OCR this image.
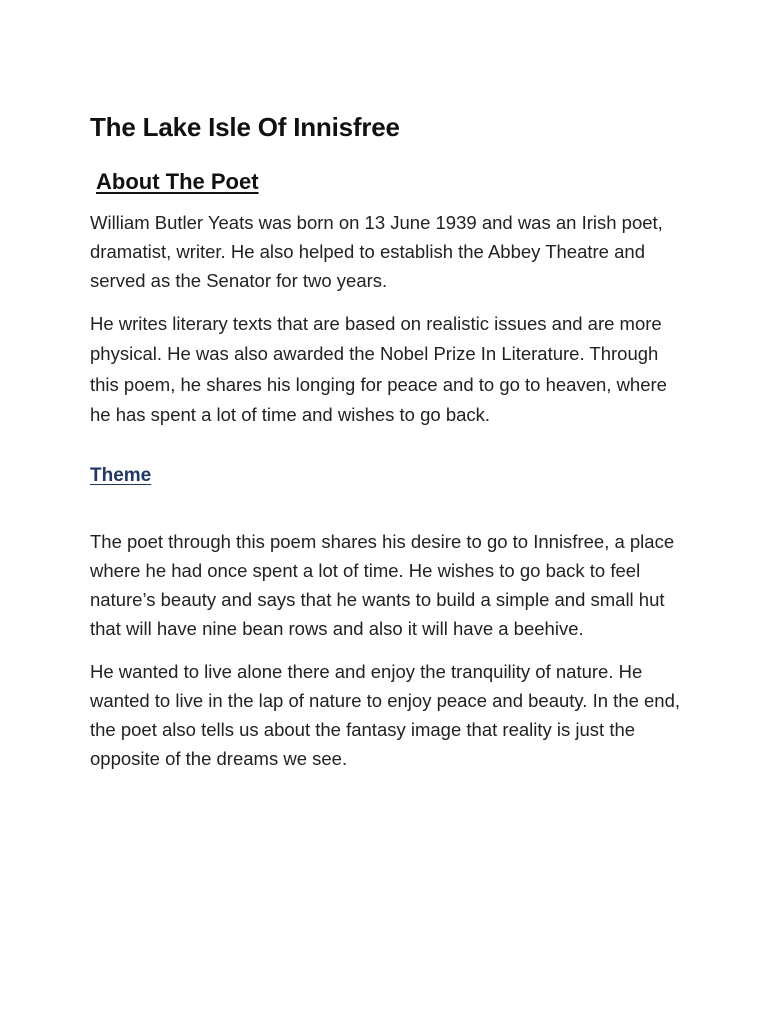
The Lake Isle Of Innisfree
About The Poet

William Butler Yeats was born on 13 June 1939 and was an Irish poet, dramatist, writer. He also helped to establish the Abbey Theatre and served as the Senator for two years.

He writes literary texts that are based on realistic issues and are more physical. He was also awarded the Nobel Prize In Literature. Through this poem, he shares his longing for peace and to go to heaven, where he has spent a lot of time and wishes to go back.

Theme

The poet through this poem shares his desire to go to Innisfree, a place where he had once spent a lot of time. He wishes to go back to feel nature’s beauty and says that he wants to build a simple and small hut that will have nine bean rows and also it will have a beehive.

He wanted to live alone there and enjoy the tranquility of nature. He wanted to live in the lap of nature to enjoy peace and beauty. In the end, the poet also tells us about the fantasy image that reality is just the opposite of the dreams we see.
